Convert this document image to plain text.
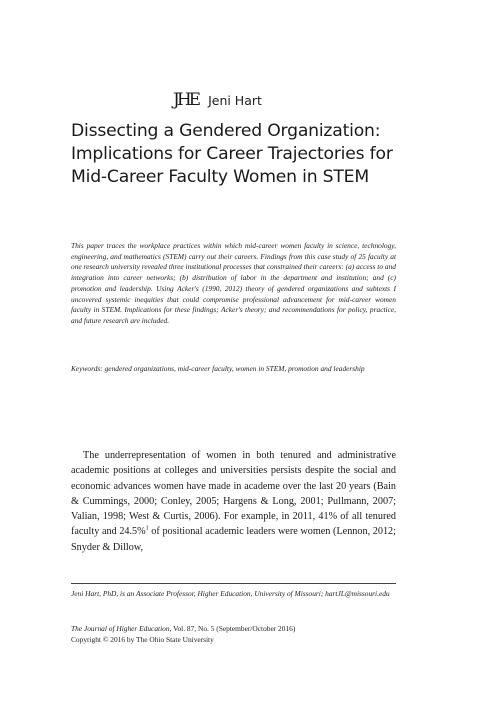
JHE Jeni Hart
Dissecting a Gendered Organization:
Implications for Career Trajectories for
Mid-Career Faculty Women in STEM

This paper traces the workplace practices within which mid-career women faculty in science, technology, engineering, and mathematics (STEM) carry out their careers. Findings from this case study of 25 faculty at one research university revealed three institutional processes that constrained their careers: (a) access to and integration into career networks; (b) distribution of labor in the department and institution; and (c) promotion and leadership. Using Acker's (1990, 2012) theory of gendered organizations and subtexts I uncovered systemic inequities that could compromise professional advancement for mid-career women faculty in STEM. Implications for these findings; Acker's theory; and recommendations for policy, practice, and future research are included.

Keywords: gendered organizations, mid-career faculty, women in STEM, promotion and leadership

The underrepresentation of women in both tenured and administrative academic positions at colleges and universities persists despite the social and economic advances women have made in academe over the last 20 years (Bain & Cummings, 2000; Conley, 2005; Hargens & Long, 2001; Pullmann, 2007; Valian, 1998; West & Curtis, 2006). For example, in 2011, 41% of all tenured faculty and 24.5%$^1$ of positional academic leaders were women (Lennon, 2012; Snyder & Dillow,

Jeni Hart, PhD, is an Associate Professor, Higher Education, University of Missouri; hartJL@missouri.edu

The Journal of Higher Education, Vol. 87, No. 5 (September/October 2016)
Copyright © 2016 by The Ohio State University
